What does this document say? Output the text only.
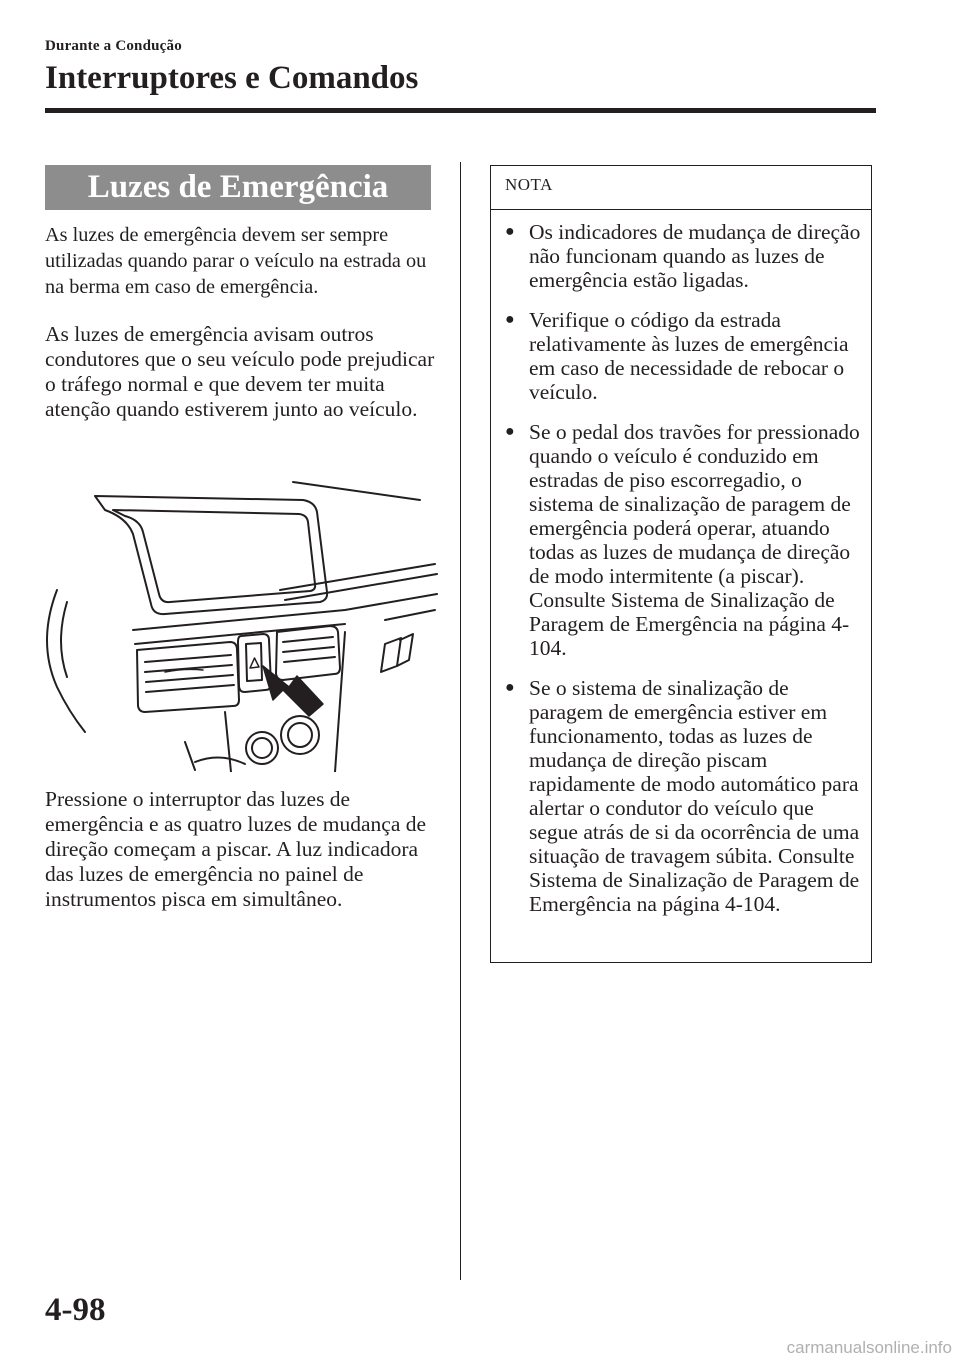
Durante a Condução
Interruptores e Comandos
Luzes de Emergência

As luzes de emergência devem ser sempre utilizadas quando parar o veículo na estrada ou na berma em caso de emergência.

As luzes de emergência avisam outros condutores que o seu veículo pode prejudicar o tráfego normal e que devem ter muita atenção quando estiverem junto ao veículo.

Pressione o interruptor das luzes de emergência e as quatro luzes de mudança de direção começam a piscar. A luz indicadora das luzes de emergência no painel de instrumentos pisca em simultâneo.

NOTA
● Os indicadores de mudança de direção não funcionam quando as luzes de emergência estão ligadas.
● Verifique o código da estrada relativamente às luzes de emergência em caso de necessidade de rebocar o veículo.
● Se o pedal dos travões for pressionado quando o veículo é conduzido em estradas de piso escorregadio, o sistema de sinalização de paragem de emergência poderá operar, atuando todas as luzes de mudança de direção de modo intermitente (a piscar). Consulte Sistema de Sinalização de Paragem de Emergência na página 4-104.
● Se o sistema de sinalização de paragem de emergência estiver em funcionamento, todas as luzes de mudança de direção piscam rapidamente de modo automático para alertar o condutor do veículo que segue atrás de si da ocorrência de uma situação de travagem súbita. Consulte Sistema de Sinalização de Paragem de Emergência na página 4-104.
4-98
carmanualsonline.info
